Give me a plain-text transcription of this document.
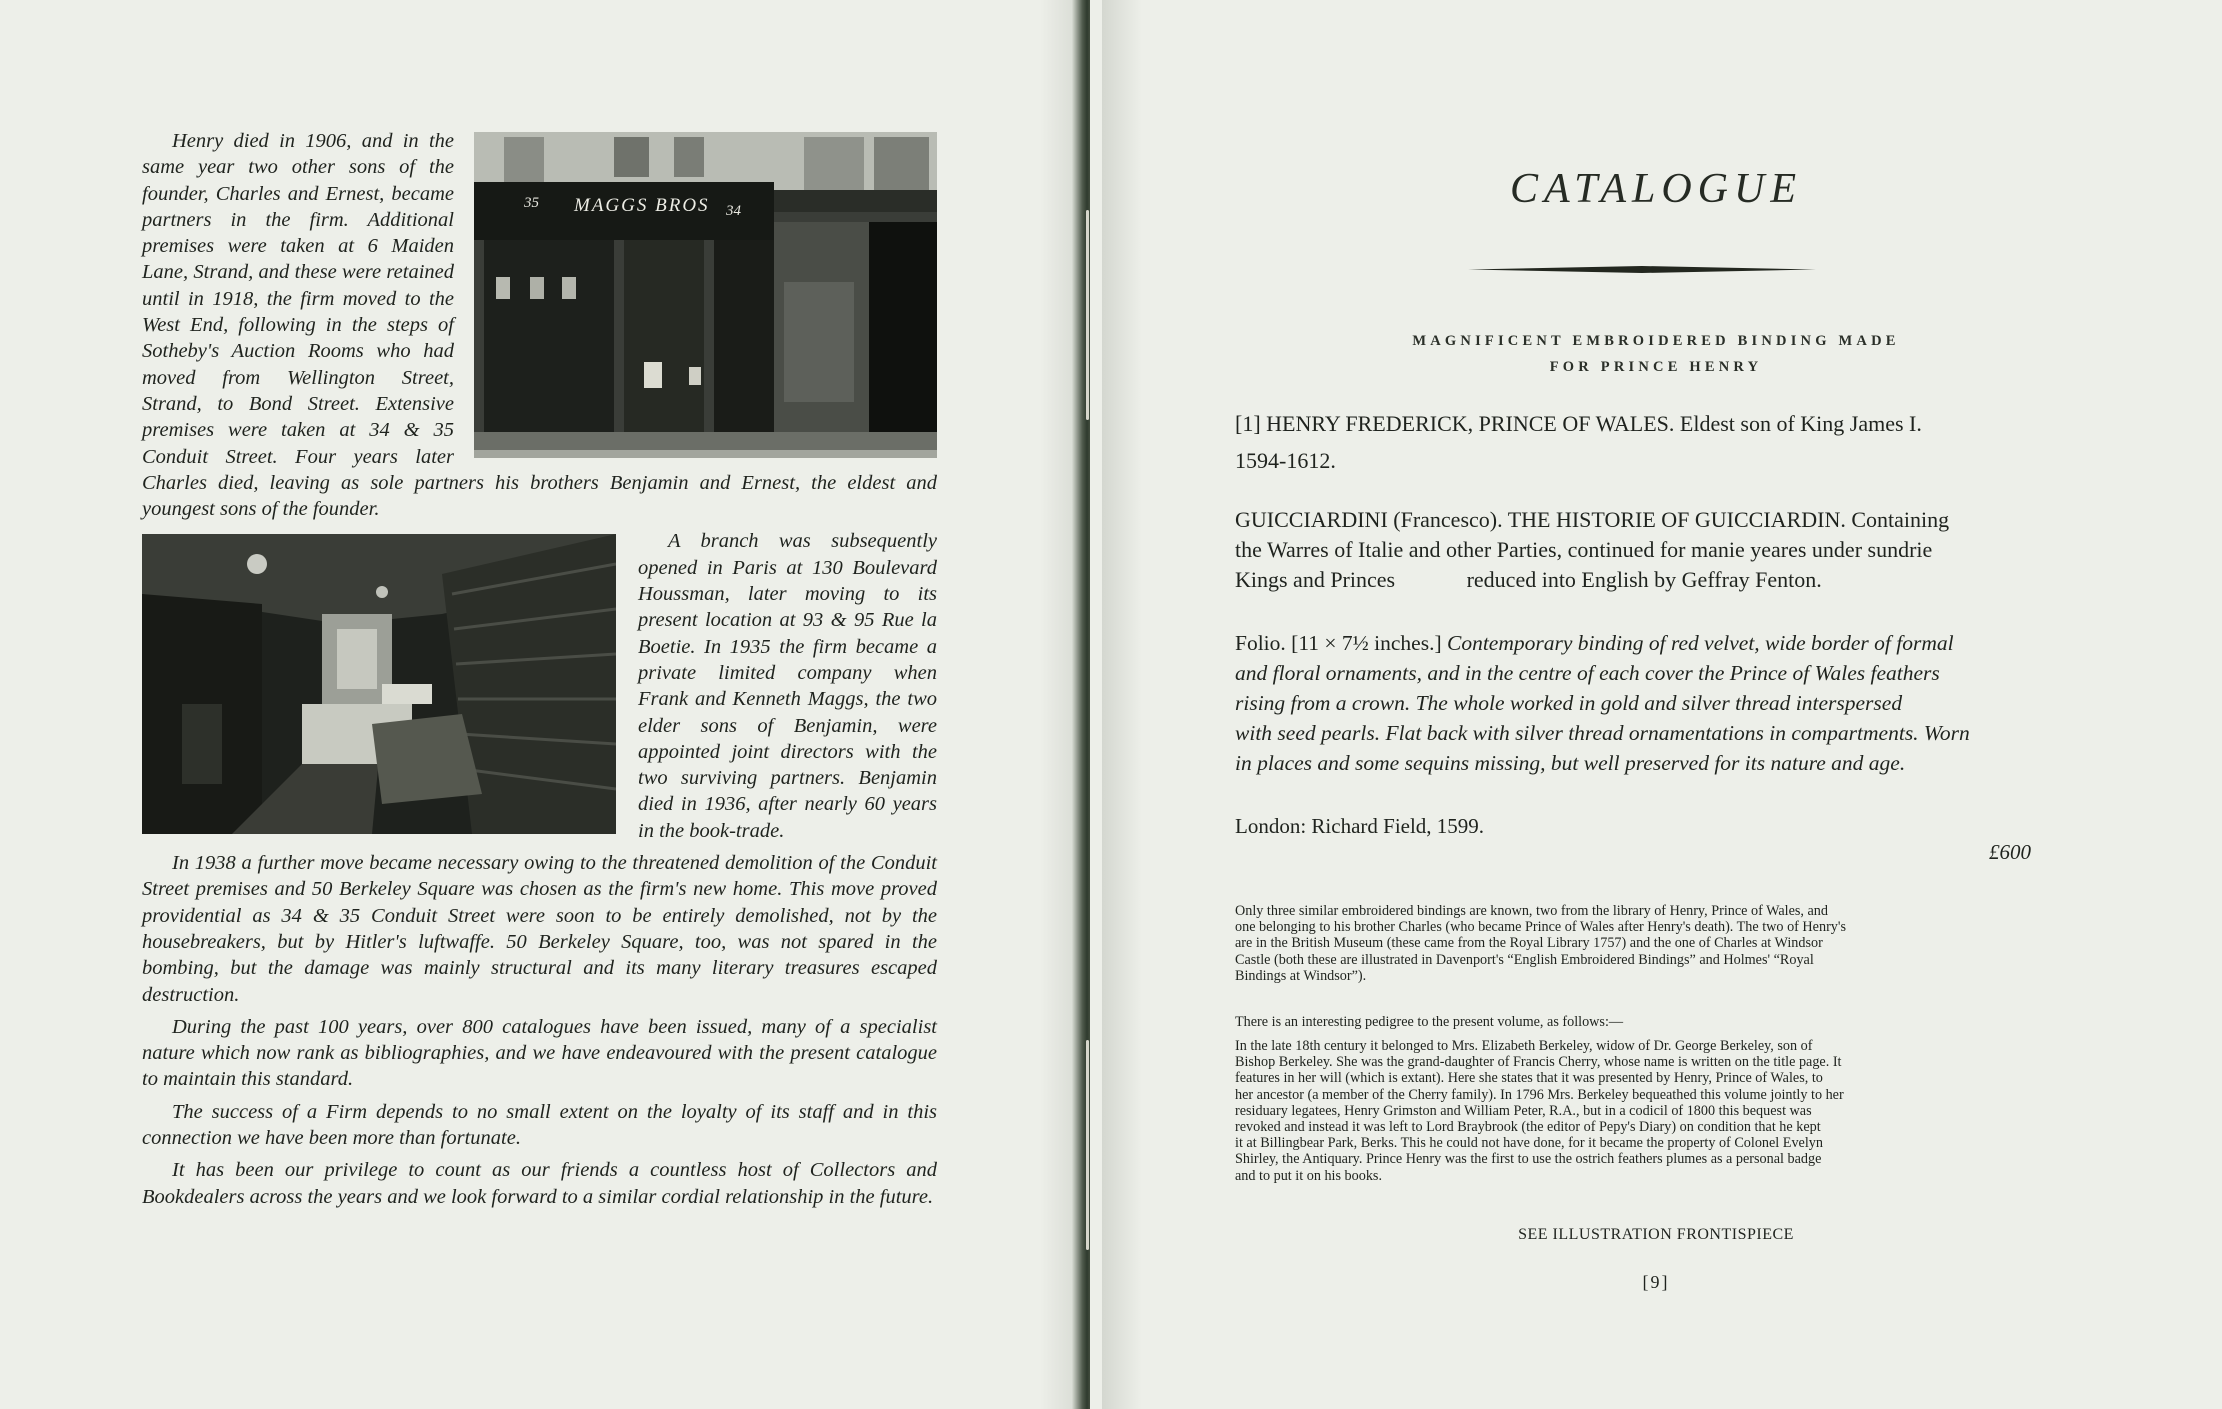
35 MAGGS BROS 34
Henry died in 1906, and in the same year two other sons of the founder, Charles and Ernest, became partners in the firm. Additional premises were taken at 6 Maiden Lane, Strand, and these were retained until in 1918, the firm moved to the West End, following in the steps of Sotheby's Auction Rooms who had moved from Wellington Street, Strand, to Bond Street. Extensive premises were taken at 34 & 35 Conduit Street. Four years later Charles died, leaving as sole partners his brothers Benjamin and Ernest, the eldest and youngest sons of the founder.

A branch was subsequently opened in Paris at 130 Boulevard Houssman, later moving to its present location at 93 & 95 Rue la Boetie. In 1935 the firm became a private limited company when Frank and Kenneth Maggs, the two elder sons of Benjamin, were appointed joint directors with the two surviving partners. Benjamin died in 1936, after nearly 60 years in the book-trade.

In 1938 a further move became necessary owing to the threatened demolition of the Conduit Street premises and 50 Berkeley Square was chosen as the firm's new home. This move proved providential as 34 & 35 Conduit Street were soon to be entirely demolished, not by the housebreakers, but by Hitler's luftwaffe. 50 Berkeley Square, too, was not spared in the bombing, but the damage was mainly structural and its many literary treasures escaped destruction.

During the past 100 years, over 800 catalogues have been issued, many of a specialist nature which now rank as bibliographies, and we have endeavoured with the present catalogue to maintain this standard.

The success of a Firm depends to no small extent on the loyalty of its staff and in this connection we have been more than fortunate.

It has been our privilege to count as our friends a countless host of Collectors and Bookdealers across the years and we look forward to a similar cordial relationship in the future.

CATALOGUE
MAGNIFICENT EMBROIDERED BINDING MADE
FOR PRINCE HENRY
[1] HENRY FREDERICK, PRINCE OF WALES. Eldest son of King James I.
1594-1612.
GUICCIARDINI (Francesco). THE HISTORIE OF GUICCIARDIN. Containing
the Warres of Italie and other Parties, continued for manie yeares under sundrie
Kings and Princes             reduced into English by Geffray Fenton.
Folio. [11 × 7½ inches.] Contemporary binding of red velvet, wide border of formal
and floral ornaments, and in the centre of each cover the Prince of Wales feathers
rising from a crown. The whole worked in gold and silver thread interspersed
with seed pearls. Flat back with silver thread ornamentations in compartments. Worn
in places and some sequins missing, but well preserved for its nature and age.
London: Richard Field, 1599.
£600
Only three similar embroidered bindings are known, two from the library of Henry, Prince of Wales, and
one belonging to his brother Charles (who became Prince of Wales after Henry's death). The two of Henry's
are in the British Museum (these came from the Royal Library 1757) and the one of Charles at Windsor
Castle (both these are illustrated in Davenport's “English Embroidered Bindings” and Holmes' “Royal
Bindings at Windsor”).
There is an interesting pedigree to the present volume, as follows:—
In the late 18th century it belonged to Mrs. Elizabeth Berkeley, widow of Dr. George Berkeley, son of
Bishop Berkeley. She was the grand-daughter of Francis Cherry, whose name is written on the title page. It
features in her will (which is extant). Here she states that it was presented by Henry, Prince of Wales, to
her ancestor (a member of the Cherry family). In 1796 Mrs. Berkeley bequeathed this volume jointly to her
residuary legatees, Henry Grimston and William Peter, R.A., but in a codicil of 1800 this bequest was
revoked and instead it was left to Lord Braybrook (the editor of Pepy's Diary) on condition that he kept
it at Billingbear Park, Berks. This he could not have done, for it became the property of Colonel Evelyn
Shirley, the Antiquary. Prince Henry was the first to use the ostrich feathers plumes as a personal badge
and to put it on his books.
SEE ILLUSTRATION FRONTISPIECE
[9]
